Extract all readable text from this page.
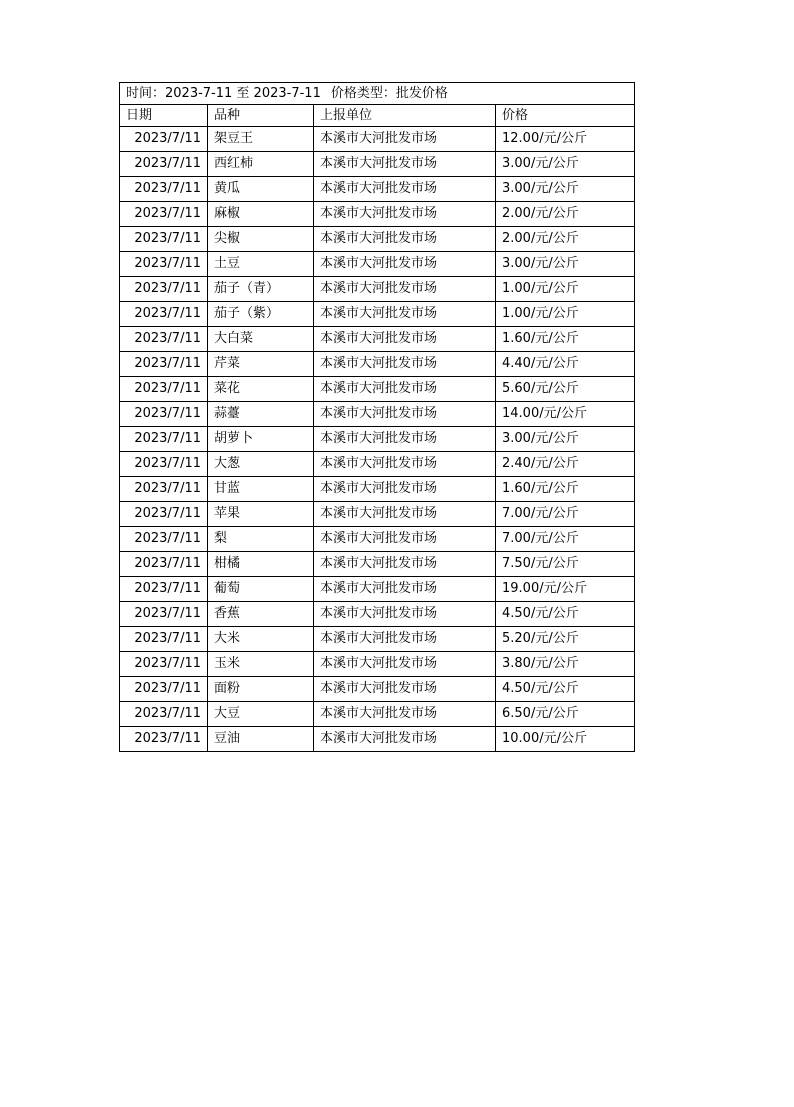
时间：2023-7-11 至 2023-7-11 价格类型：批发价格			
日期	品种	上报单位	价格
2023/7/11	架豆王	本溪市大河批发市场	12.00/元/公斤
2023/7/11	西红柿	本溪市大河批发市场	3.00/元/公斤
2023/7/11	黄瓜	本溪市大河批发市场	3.00/元/公斤
2023/7/11	麻椒	本溪市大河批发市场	2.00/元/公斤
2023/7/11	尖椒	本溪市大河批发市场	2.00/元/公斤
2023/7/11	土豆	本溪市大河批发市场	3.00/元/公斤
2023/7/11	茄子（青）	本溪市大河批发市场	1.00/元/公斤
2023/7/11	茄子（紫）	本溪市大河批发市场	1.00/元/公斤
2023/7/11	大白菜	本溪市大河批发市场	1.60/元/公斤
2023/7/11	芹菜	本溪市大河批发市场	4.40/元/公斤
2023/7/11	菜花	本溪市大河批发市场	5.60/元/公斤
2023/7/11	蒜薹	本溪市大河批发市场	14.00/元/公斤
2023/7/11	胡萝卜	本溪市大河批发市场	3.00/元/公斤
2023/7/11	大葱	本溪市大河批发市场	2.40/元/公斤
2023/7/11	甘蓝	本溪市大河批发市场	1.60/元/公斤
2023/7/11	苹果	本溪市大河批发市场	7.00/元/公斤
2023/7/11	梨	本溪市大河批发市场	7.00/元/公斤
2023/7/11	柑橘	本溪市大河批发市场	7.50/元/公斤
2023/7/11	葡萄	本溪市大河批发市场	19.00/元/公斤
2023/7/11	香蕉	本溪市大河批发市场	4.50/元/公斤
2023/7/11	大米	本溪市大河批发市场	5.20/元/公斤
2023/7/11	玉米	本溪市大河批发市场	3.80/元/公斤
2023/7/11	面粉	本溪市大河批发市场	4.50/元/公斤
2023/7/11	大豆	本溪市大河批发市场	6.50/元/公斤
2023/7/11	豆油	本溪市大河批发市场	10.00/元/公斤
